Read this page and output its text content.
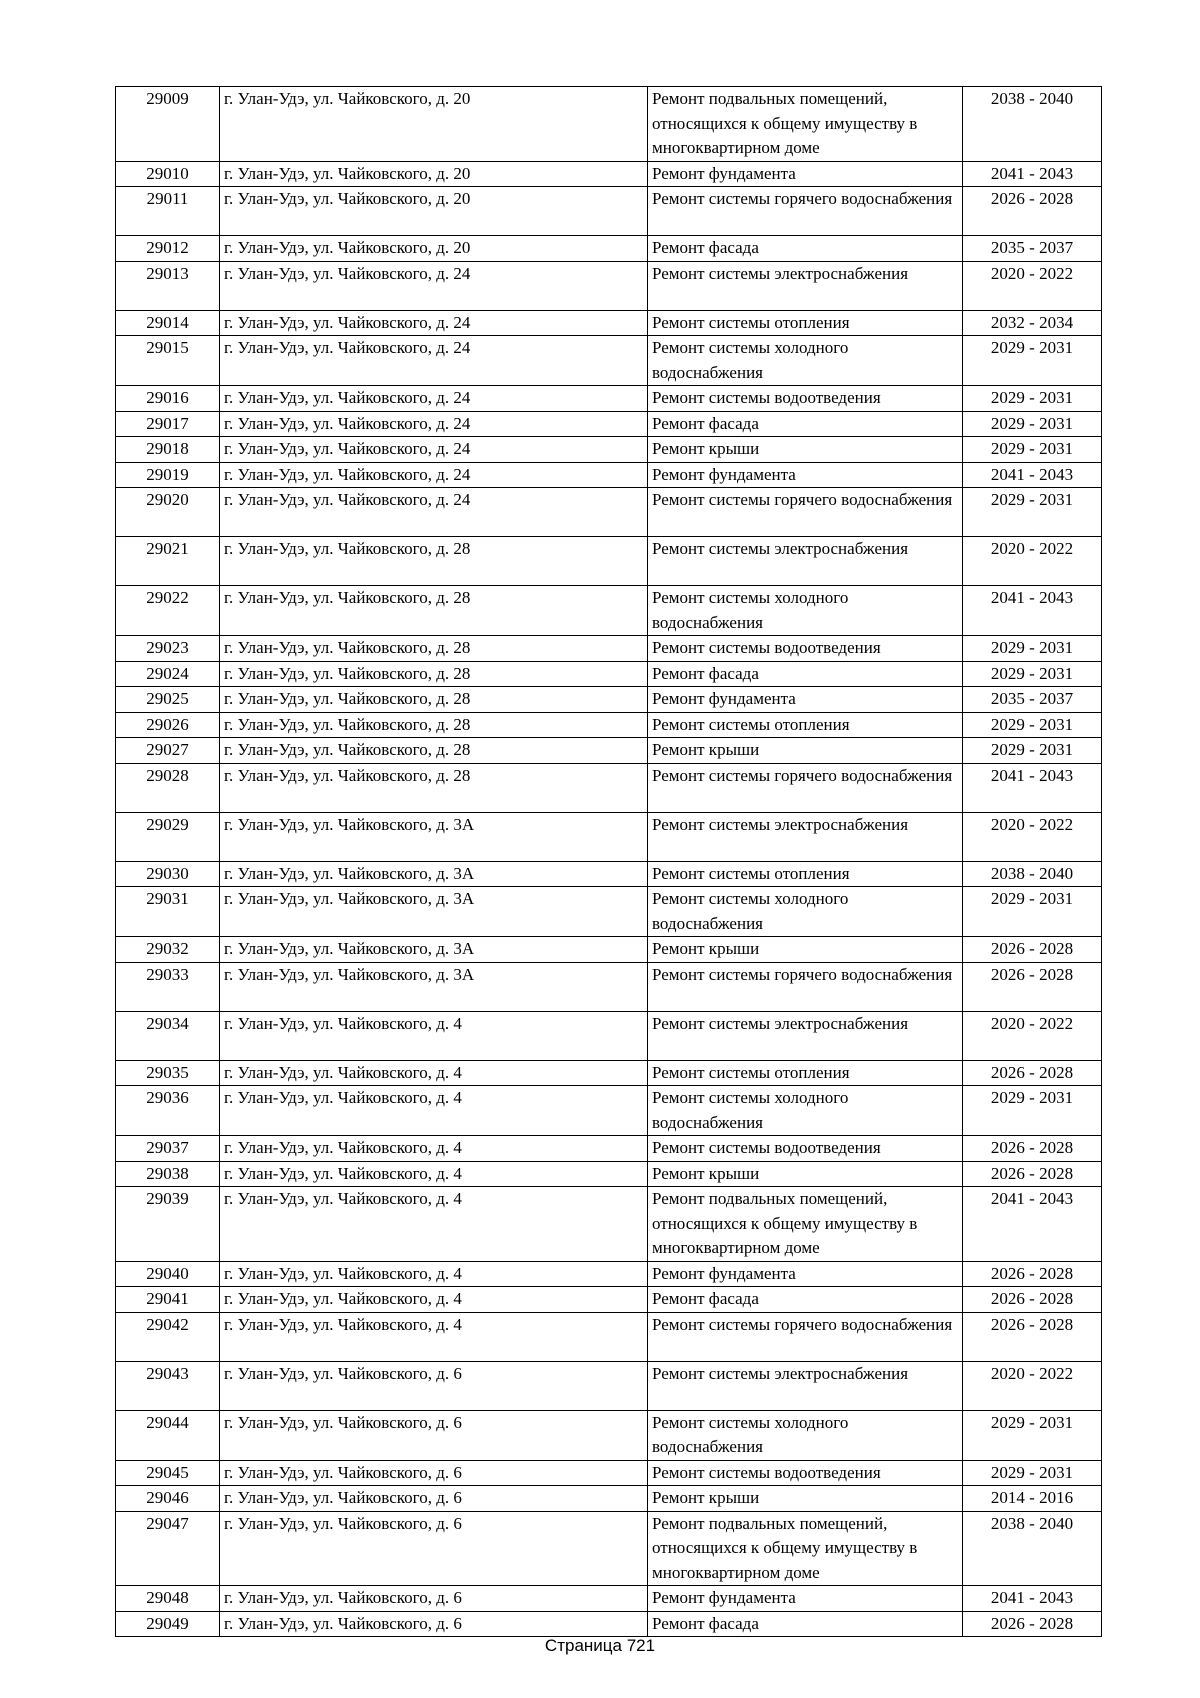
29009	г. Улан-Удэ, ул. Чайковского, д. 20	Ремонт подвальных помещений, относящихся к общему имуществу в многоквартирном доме	2038 - 2040
29010	г. Улан-Удэ, ул. Чайковского, д. 20	Ремонт фундамента	2041 - 2043
29011	г. Улан-Удэ, ул. Чайковского, д. 20	Ремонт системы горячего водоснабжения	2026 - 2028
29012	г. Улан-Удэ, ул. Чайковского, д. 20	Ремонт фасада	2035 - 2037
29013	г. Улан-Удэ, ул. Чайковского, д. 24	Ремонт системы электроснабжения	2020 - 2022
29014	г. Улан-Удэ, ул. Чайковского, д. 24	Ремонт системы отопления	2032 - 2034
29015	г. Улан-Удэ, ул. Чайковского, д. 24	Ремонт системы холодного водоснабжения	2029 - 2031
29016	г. Улан-Удэ, ул. Чайковского, д. 24	Ремонт системы водоотведения	2029 - 2031
29017	г. Улан-Удэ, ул. Чайковского, д. 24	Ремонт фасада	2029 - 2031
29018	г. Улан-Удэ, ул. Чайковского, д. 24	Ремонт крыши	2029 - 2031
29019	г. Улан-Удэ, ул. Чайковского, д. 24	Ремонт фундамента	2041 - 2043
29020	г. Улан-Удэ, ул. Чайковского, д. 24	Ремонт системы горячего водоснабжения	2029 - 2031
29021	г. Улан-Удэ, ул. Чайковского, д. 28	Ремонт системы электроснабжения	2020 - 2022
29022	г. Улан-Удэ, ул. Чайковского, д. 28	Ремонт системы холодного водоснабжения	2041 - 2043
29023	г. Улан-Удэ, ул. Чайковского, д. 28	Ремонт системы водоотведения	2029 - 2031
29024	г. Улан-Удэ, ул. Чайковского, д. 28	Ремонт фасада	2029 - 2031
29025	г. Улан-Удэ, ул. Чайковского, д. 28	Ремонт фундамента	2035 - 2037
29026	г. Улан-Удэ, ул. Чайковского, д. 28	Ремонт системы отопления	2029 - 2031
29027	г. Улан-Удэ, ул. Чайковского, д. 28	Ремонт крыши	2029 - 2031
29028	г. Улан-Удэ, ул. Чайковского, д. 28	Ремонт системы горячего водоснабжения	2041 - 2043
29029	г. Улан-Удэ, ул. Чайковского, д. 3А	Ремонт системы электроснабжения	2020 - 2022
29030	г. Улан-Удэ, ул. Чайковского, д. 3А	Ремонт системы отопления	2038 - 2040
29031	г. Улан-Удэ, ул. Чайковского, д. 3А	Ремонт системы холодного водоснабжения	2029 - 2031
29032	г. Улан-Удэ, ул. Чайковского, д. 3А	Ремонт крыши	2026 - 2028
29033	г. Улан-Удэ, ул. Чайковского, д. 3А	Ремонт системы горячего водоснабжения	2026 - 2028
29034	г. Улан-Удэ, ул. Чайковского, д. 4	Ремонт системы электроснабжения	2020 - 2022
29035	г. Улан-Удэ, ул. Чайковского, д. 4	Ремонт системы отопления	2026 - 2028
29036	г. Улан-Удэ, ул. Чайковского, д. 4	Ремонт системы холодного водоснабжения	2029 - 2031
29037	г. Улан-Удэ, ул. Чайковского, д. 4	Ремонт системы водоотведения	2026 - 2028
29038	г. Улан-Удэ, ул. Чайковского, д. 4	Ремонт крыши	2026 - 2028
29039	г. Улан-Удэ, ул. Чайковского, д. 4	Ремонт подвальных помещений, относящихся к общему имуществу в многоквартирном доме	2041 - 2043
29040	г. Улан-Удэ, ул. Чайковского, д. 4	Ремонт фундамента	2026 - 2028
29041	г. Улан-Удэ, ул. Чайковского, д. 4	Ремонт фасада	2026 - 2028
29042	г. Улан-Удэ, ул. Чайковского, д. 4	Ремонт системы горячего водоснабжения	2026 - 2028
29043	г. Улан-Удэ, ул. Чайковского, д. 6	Ремонт системы электроснабжения	2020 - 2022
29044	г. Улан-Удэ, ул. Чайковского, д. 6	Ремонт системы холодного водоснабжения	2029 - 2031
29045	г. Улан-Удэ, ул. Чайковского, д. 6	Ремонт системы водоотведения	2029 - 2031
29046	г. Улан-Удэ, ул. Чайковского, д. 6	Ремонт крыши	2014 - 2016
29047	г. Улан-Удэ, ул. Чайковского, д. 6	Ремонт подвальных помещений, относящихся к общему имуществу в многоквартирном доме	2038 - 2040
29048	г. Улан-Удэ, ул. Чайковского, д. 6	Ремонт фундамента	2041 - 2043
29049	г. Улан-Удэ, ул. Чайковского, д. 6	Ремонт фасада	2026 - 2028
Страница 721
